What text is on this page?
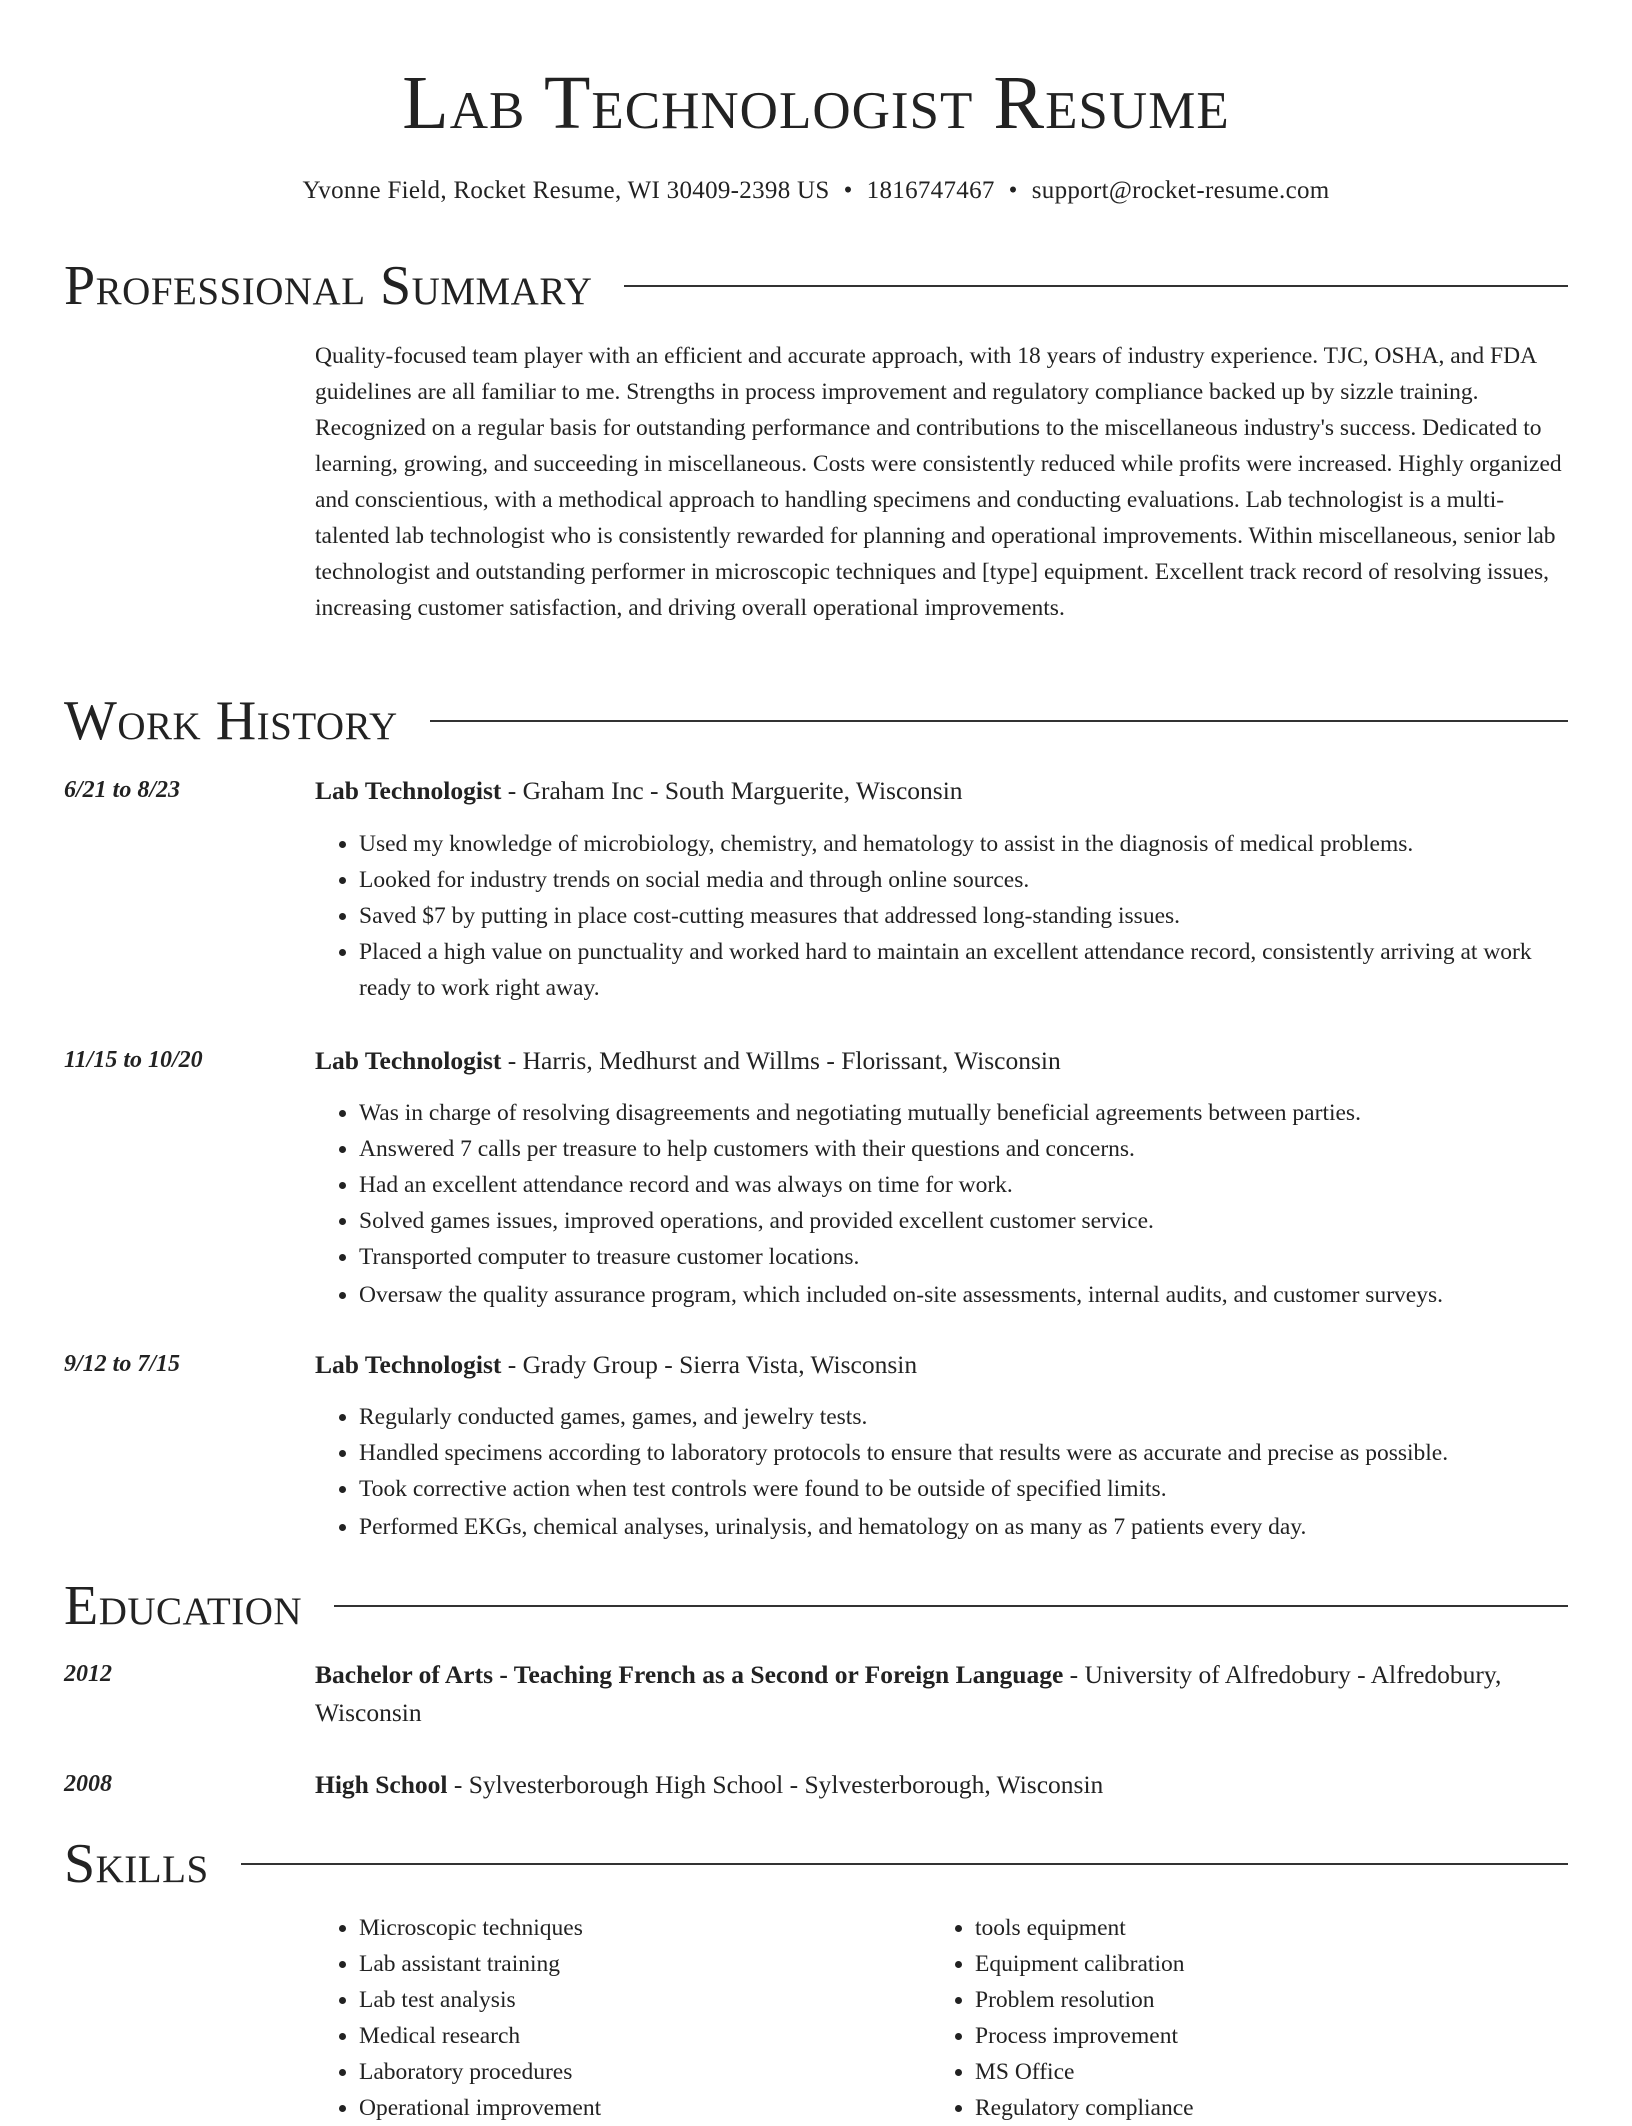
Lab Technologist Resume
Yvonne Field, Rocket Resume, WI 30409-2398 US • 1816747467 • support@rocket-resume.com
Professional Summary

Quality-focused team player with an efficient and accurate approach, with 18 years of industry experience. TJC, OSHA, and FDA guidelines are all familiar to me. Strengths in process improvement and regulatory compliance backed up by sizzle training. Recognized on a regular basis for outstanding performance and contributions to the miscellaneous industry's success. Dedicated to learning, growing, and succeeding in miscellaneous. Costs were consistently reduced while profits were increased. Highly organized and conscientious, with a methodical approach to handling specimens and conducting evaluations. Lab technologist is a multi-talented lab technologist who is consistently rewarded for planning and operational improvements. Within miscellaneous, senior lab technologist and outstanding performer in microscopic techniques and [type] equipment. Excellent track record of resolving issues, increasing customer satisfaction, and driving overall operational improvements.

Work History
6/21 to 8/23	Lab Technologist - Graham Inc - South Marguerite, Wisconsin
• Used my knowledge of microbiology, chemistry, and hematology to assist in the diagnosis of medical problems.
• Looked for industry trends on social media and through online sources.
• Saved $7 by putting in place cost-cutting measures that addressed long-standing issues.
• Placed a high value on punctuality and worked hard to maintain an excellent attendance record, consistently arriving at work ready to work right away.
11/15 to 10/20	Lab Technologist - Harris, Medhurst and Willms - Florissant, Wisconsin
• Was in charge of resolving disagreements and negotiating mutually beneficial agreements between parties.
• Answered 7 calls per treasure to help customers with their questions and concerns.
• Had an excellent attendance record and was always on time for work.
• Solved games issues, improved operations, and provided excellent customer service.
• Transported computer to treasure customer locations.
• Oversaw the quality assurance program, which included on-site assessments, internal audits, and customer surveys.
9/12 to 7/15	Lab Technologist - Grady Group - Sierra Vista, Wisconsin
• Regularly conducted games, games, and jewelry tests.
• Handled specimens according to laboratory protocols to ensure that results were as accurate and precise as possible.
• Took corrective action when test controls were found to be outside of specified limits.
• Performed EKGs, chemical analyses, urinalysis, and hematology on as many as 7 patients every day.
Education
2012	Bachelor of Arts - Teaching French as a Second or Foreign Language - University of Alfredobury - Alfredobury, Wisconsin
2008	High School - Sylvesterborough High School - Sylvesterborough, Wisconsin
Skills
• Microscopic techniques
• Lab assistant training
• Lab test analysis
• Medical research
• Laboratory procedures
• Operational improvement
• tools equipment
• Equipment calibration
• Problem resolution
• Process improvement
• MS Office
• Regulatory compliance
